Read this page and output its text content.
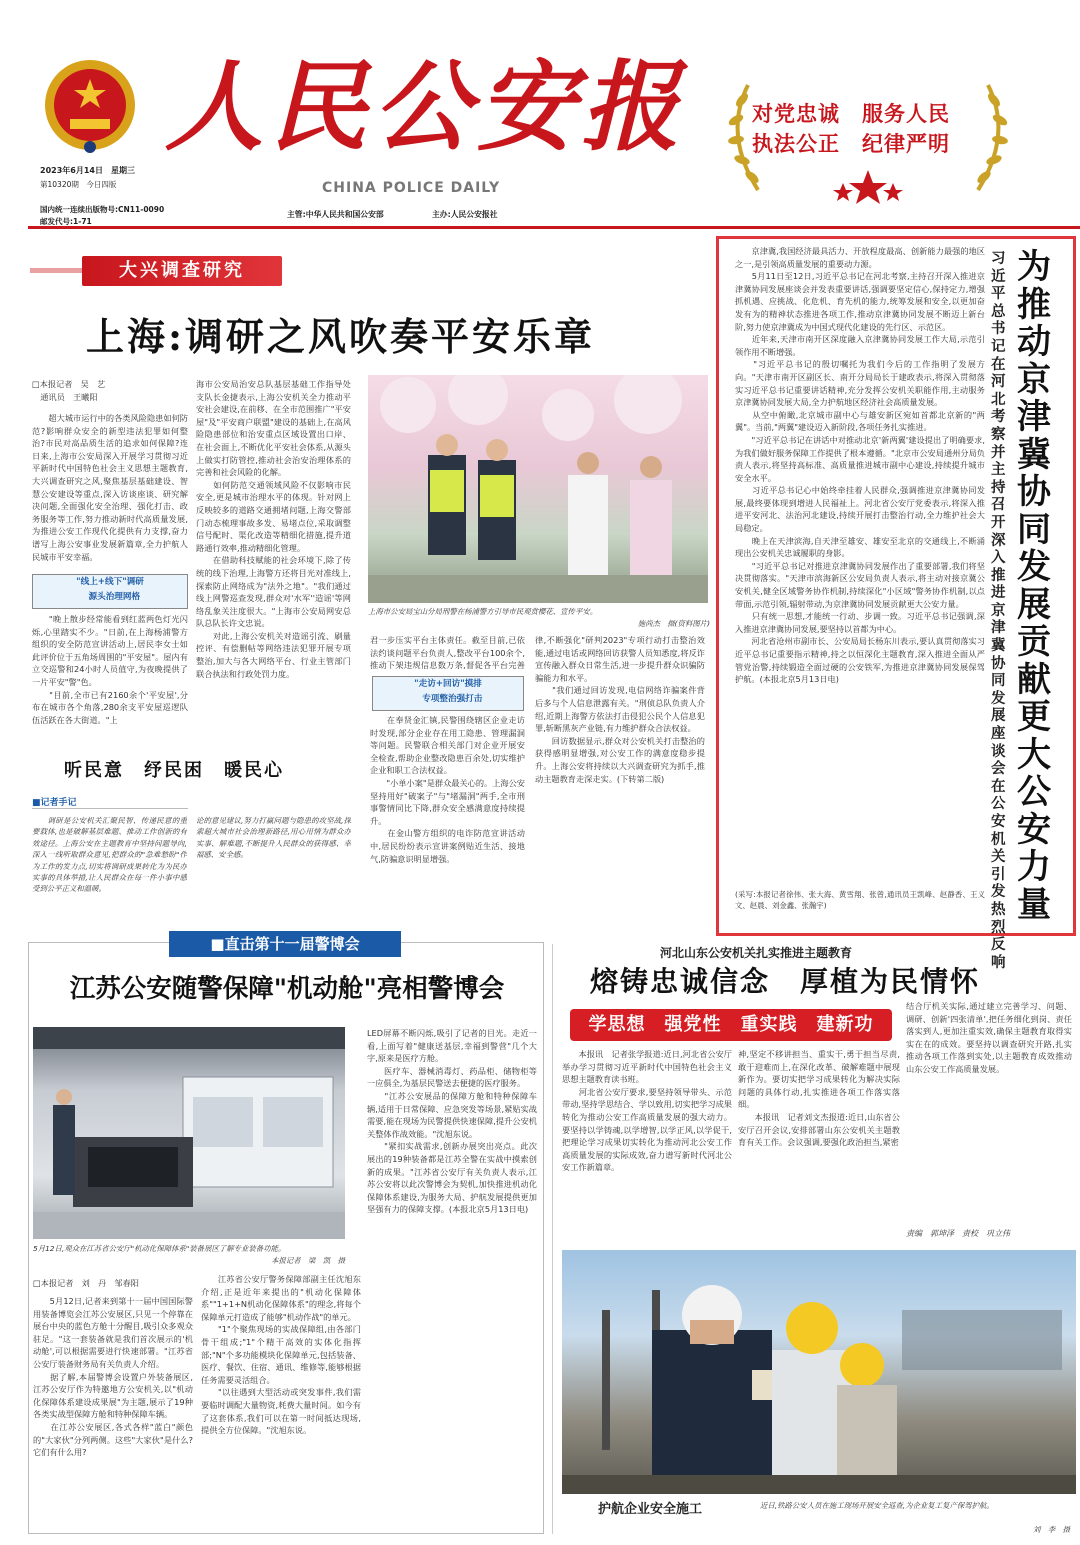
2023年6月14日　星期三
第10320期　今日四版
国内统一连续出版物号:CN11-0090
邮发代号:1-71
人民公安报
CHINA POLICE DAILY
主管:中华人民共和国公安部	主办:人民公安报社
对党忠诚　服务人民
执法公正　纪律严明
大兴调查研究
上海:调研之风吹奏平安乐章
□本报记者　吴　艺
　通讯员　王曦阳
　　超大城市运行中的各类风险隐患如何防范?影响群众安全的新型违法犯罪如何整治?市民对高品质生活的追求如何保障?连日来,上海市公安局深入开展学习贯彻习近平新时代中国特色社会主义思想主题教育,大兴调查研究之风,聚焦基层基础建设、智慧公安建设等重点,深入访谈座谈、研究解决问题,全面强化安全治理、强化打击、政务服务等工作,努力推动新时代高质量发展,为推进公安工作现代化提供有力支撑,奋力谱写上海公安事业发展新篇章,全力护航人民城市平安幸福。
"线上+线下"调研
　源头治理网格
　　"晚上散步经常能看到红蓝两色灯光闪烁,心里踏实不少。"日前,在上海杨浦警方组织的安全防范宣讲活动上,居民李女士如此评价位于五角场周围的"平安屋"。屋内有立交巡警和24小时人员值守,为夜晚提供了一片平安"警"色。
　　"目前,全市已有2160余个'平安屋',分布在城市各个角落,280余支平安屋巡逻队伍活跃在各大街道。"上
海市公安局治安总队基层基础工作指导处支队长金捷表示,上海公安机关全力推动平安社会建设,在前移、在全市范围推广"平安屋"及"平安商户联盟"建设的基础上,在高风险隐患部位和治安重点区域设置出口岸、在社会面上,不断优化平安社会体系,从源头上做实打防管控,推动社会治安治理体系的完善和社会风险的化解。
　　如何防范交通领域风险不仅影响市民安全,更是城市治理水平的体现。针对网上反映较多的道路交通拥堵问题,上海交警部门动态梳理事故多发、易堵点位,采取调整信号配时、渠化改造等精细化措施,提升道路通行效率,推动精细化管理。
　　在借助科技赋能的社会环境下,除了传统的线下治理,上海警方还将目光对准线上,探索防止网络成为"法外之地"。"我们通过线上网警巡查发现,群众对'水军''造谣'等网络乱象关注度很大。"上海市公安局网安总队总队长许文忠说。
　　对此,上海公安机关对造谣引流、刷量控评、有偿删帖等网络违法犯罪开展专项整治,加大与各大网络平台、行业主管部门联合执法和行政处罚力度。
上海市公安局宝山分局刑警在杨浦警方引导市民观赏樱花、宣传平安。
施尚杰　摄(资料图片)
君一步压实平台主体责任。截至目前,已依法约谈问题平台负责人,整改平台100余个,推动下架违规信息数万条,督促各平台完善
"走访+回访"摸排
　专项整治强打击
　　在奉贤金汇镇,民警围绕辖区企业走访时发现,部分企业存在用工隐患、管理漏洞等问题。民警联合相关部门对企业开展安全检查,帮助企业整改隐患百余处,切实维护企业和职工合法权益。
　　"小单小案"是群众最关心的。上海公安坚持用好"破案子"与"堵漏洞"两手,全市刑事警情同比下降,群众安全感满意度持续提升。
　　在金山警方组织的电诈防范宣讲活动中,居民纷纷表示宣讲案例贴近生活、接地气,防骗意识明显增强。
律,不断强化"研判2023"专项行动打击整治效能,通过电话或网络回访获警人员知悉度,将反诈宣传融入群众日常生活,进一步提升群众识骗防骗能力和水平。
　　"我们通过回访发现,电信网络诈骗案件背后多与个人信息泄露有关。"刑侦总队负责人介绍,近期上海警方依法打击侵犯公民个人信息犯罪,斩断黑灰产业链,有力维护群众合法权益。
　　回访数据显示,群众对公安机关打击整治的获得感明显增强,对公安工作的满意度稳步提升。上海公安将持续以大兴调查研究为抓手,推动主题教育走深走实。(下转第二版)
听民意　纾民困　暖民心
■记者手记
　　调研是公安机关汇聚民智、传递民意的重要载体,也是破解基层难题、推动工作创新的有效途径。上海公安在主题教育中坚持问题导向,深入一线听取群众意见,把群众的"急难愁盼"作为工作的发力点,切实将调研成果转化为为民办实事的具体举措,让人民群众在每一件小事中感受到公平正义和温暖。
论的意见建议,努力打赢问题与隐患的攻坚战,探索超大城市社会治理新路径,用心用情为群众办实事、解难题,不断提升人民群众的获得感、幸福感、安全感。
　　京津冀,我国经济最具活力、开放程度最高、创新能力最强的地区之一,是引领高质量发展的重要动力源。
　　5月11日至12日,习近平总书记在河北考察,主持召开深入推进京津冀协同发展座谈会并发表重要讲话,强调要坚定信心,保持定力,增强抓机遇、应挑战、化危机、育先机的能力,统筹发展和安全,以更加奋发有为的精神状态推进各项工作,推动京津冀协同发展不断迈上新台阶,努力使京津冀成为中国式现代化建设的先行区、示范区。
　　近年来,天津市南开区深度融入京津冀协同发展工作大局,示范引领作用不断增强。
　　"习近平总书记的殷切嘱托为我们今后的工作指明了发展方向。"天津市南开区副区长、南开分局局长于建政表示,将深入贯彻落实习近平总书记重要讲话精神,充分发挥公安机关职能作用,主动服务京津冀协同发展大局,全力护航地区经济社会高质量发展。
　　从空中俯瞰,北京城市副中心与雄安新区宛如首都北京新的"两翼"。当前,"两翼"建设迈入新阶段,各项任务扎实推进。
　　"习近平总书记在讲话中对推动北京'新两翼'建设提出了明确要求,为我们做好服务保障工作提供了根本遵循。"北京市公安局通州分局负责人表示,将坚持高标准、高质量推进城市副中心建设,持续提升城市安全水平。
　　习近平总书记心中始终牵挂着人民群众,强调推进京津冀协同发展,最终要体现到增进人民福祉上。河北省公安厅党委表示,将深入推进平安河北、法治河北建设,持续开展打击整治行动,全力维护社会大局稳定。
　　晚上在天津滨海,自天津至雄安、雄安至北京的交通线上,不断涌现出公安机关忠诚履职的身影。
　　"习近平总书记对推进京津冀协同发展作出了重要部署,我们将坚决贯彻落实。"天津市滨海新区公安局负责人表示,将主动对接京冀公安机关,健全区域警务协作机制,持续深化"小区域"警务协作机制,以点带面,示范引领,辐射带动,为京津冀协同发展贡献更大公安力量。
　　只有统一思想,才能统一行动、步调一致。习近平总书记强调,深入推进京津冀协同发展,要坚持以首都为中心。
　　河北省沧州市副市长、公安局局长杨东川表示,要认真贯彻落实习近平总书记重要指示精神,持之以恒深化主题教育,深入推进全面从严管党治警,持续锻造全面过硬的公安铁军,为推进京津冀协同发展保驾护航。(本报北京5月13日电)
(采写:本报记者徐伟、张大海、黄雪翔、张曾,通讯员王凯峰、赵静香、王义文、赵晨、刘金鑫、张瀚宇)
习近平总书记在河北考察并主持召开深入推进京津冀协同发展座谈会在公安机关引发热烈反响
为推动京津冀协同发展贡献更大公安力量
■直击第十一届警博会
江苏公安随警保障"机动舱"亮相警博会
5月12日,观众在江苏省公安厅"机动化保障体系"装备展区了解专业装备功能。
本报记者　梁　凯　摄
□本报记者　刘　丹　邹春阳
　　5月12日,记者来到第十一届中国国际警用装备博览会江苏公安展区,只见一个停靠在展台中央的蓝色方舱十分醒目,吸引众多观众驻足。"这一套装备就是我们首次展示的'机动舱',可以根据需要进行快速部署。"江苏省公安厅装备财务局有关负责人介绍。
　　据了解,本届警博会设置户外装备展区,江苏公安厅作为特邀地方公安机关,以"机动化保障体系建设成果展"为主题,展示了19种各类实战型保障方舱和特种保障车辆。
　　在江苏公安展区,各式各样"蓝白"颜色的"大家伙"分列两侧。这些"大家伙"是什么?它们有什么用?
　　江苏省公安厅警务保障部副主任沈旭东介绍,正是近年来提出的"机动化保障体系""1+1+N机动化保障体系"的理念,将每个保障单元打造成了能够"机动作战"的单元。
　　"1"个聚焦现场的实战保障组,由各部门骨干组成;"1"个精干高效的实体化指挥部;"N"个多功能模块化保障单元,包括装备、医疗、餐饮、住宿、通讯、维修等,能够根据任务需要灵活组合。
　　"以往遇到大型活动或突发事件,我们需要临时调配大量物资,耗费大量时间。如今有了这套体系,我们可以在第一时间抵达现场,提供全方位保障。"沈旭东说。
LED屏幕不断闪烁,吸引了记者的目光。走近一看,上面写着"健康送基层,幸福到警营"几个大字,原来是医疗方舱。
　　医疗车、器械消毒灯、药品柜、储物柜等一应俱全,为基层民警送去便捷的医疗服务。
　　"江苏公安展品的保障方舱和特种保障车辆,适用于日常保障、应急突发等场景,紧贴实战需要,能在现场为民警提供快速保障,提升公安机关整体作战效能。"沈旭东说。
　　"紧扣实战需求,创新办展突出亮点。此次展出的19种装备都是江苏全警在实战中摸索创新的成果。"江苏省公安厅有关负责人表示,江苏公安将以此次警博会为契机,加快推进机动化保障体系建设,为服务大局、护航发展提供更加坚强有力的保障支撑。(本报北京5月13日电)
河北山东公安机关扎实推进主题教育
熔铸忠诚信念　厚植为民情怀
学思想　强党性　重实践　建新功
　　本报讯　记者张学报道:近日,河北省公安厅举办学习贯彻习近平新时代中国特色社会主义思想主题教育读书班。
　　河北省公安厅要求,要坚持领导带头、示范带动,坚持学思结合、学以致用,切实把学习成果转化为推动公安工作高质量发展的强大动力。要坚持以学铸魂,以学增智,以学正风,以学促干,把理论学习成果切实转化为推动河北公安工作高质量发展的实际成效,奋力谱写新时代河北公安工作新篇章。
神,坚定不移讲担当、重实干,勇于担当尽责,敢于迎难而上,在深化改革、破解难题中展现新作为。要切实把学习成果转化为解决实际问题的具体行动,扎实推进各项工作落实落细。
　　本报讯　记者刘文杰报道:近日,山东省公安厅召开会议,安排部署山东公安机关主题教育有关工作。会议强调,要强化政治担当,紧密
结合厅机关实际,通过建立完善学习、问题、调研、创新'四张清单',把任务细化到岗、责任落实到人,更加注重实效,确保主题教育取得实实在在的成效。要坚持以调查研究开路,扎实推动各项工作落到实处,以主题教育成效推动山东公安工作高质量发展。
责编　郭坤泽　责校　巩立伟
护航企业安全施工	近日,铁路公安人员在施工现场开展安全巡查,为企业复工复产保驾护航。
刘　李　摄
